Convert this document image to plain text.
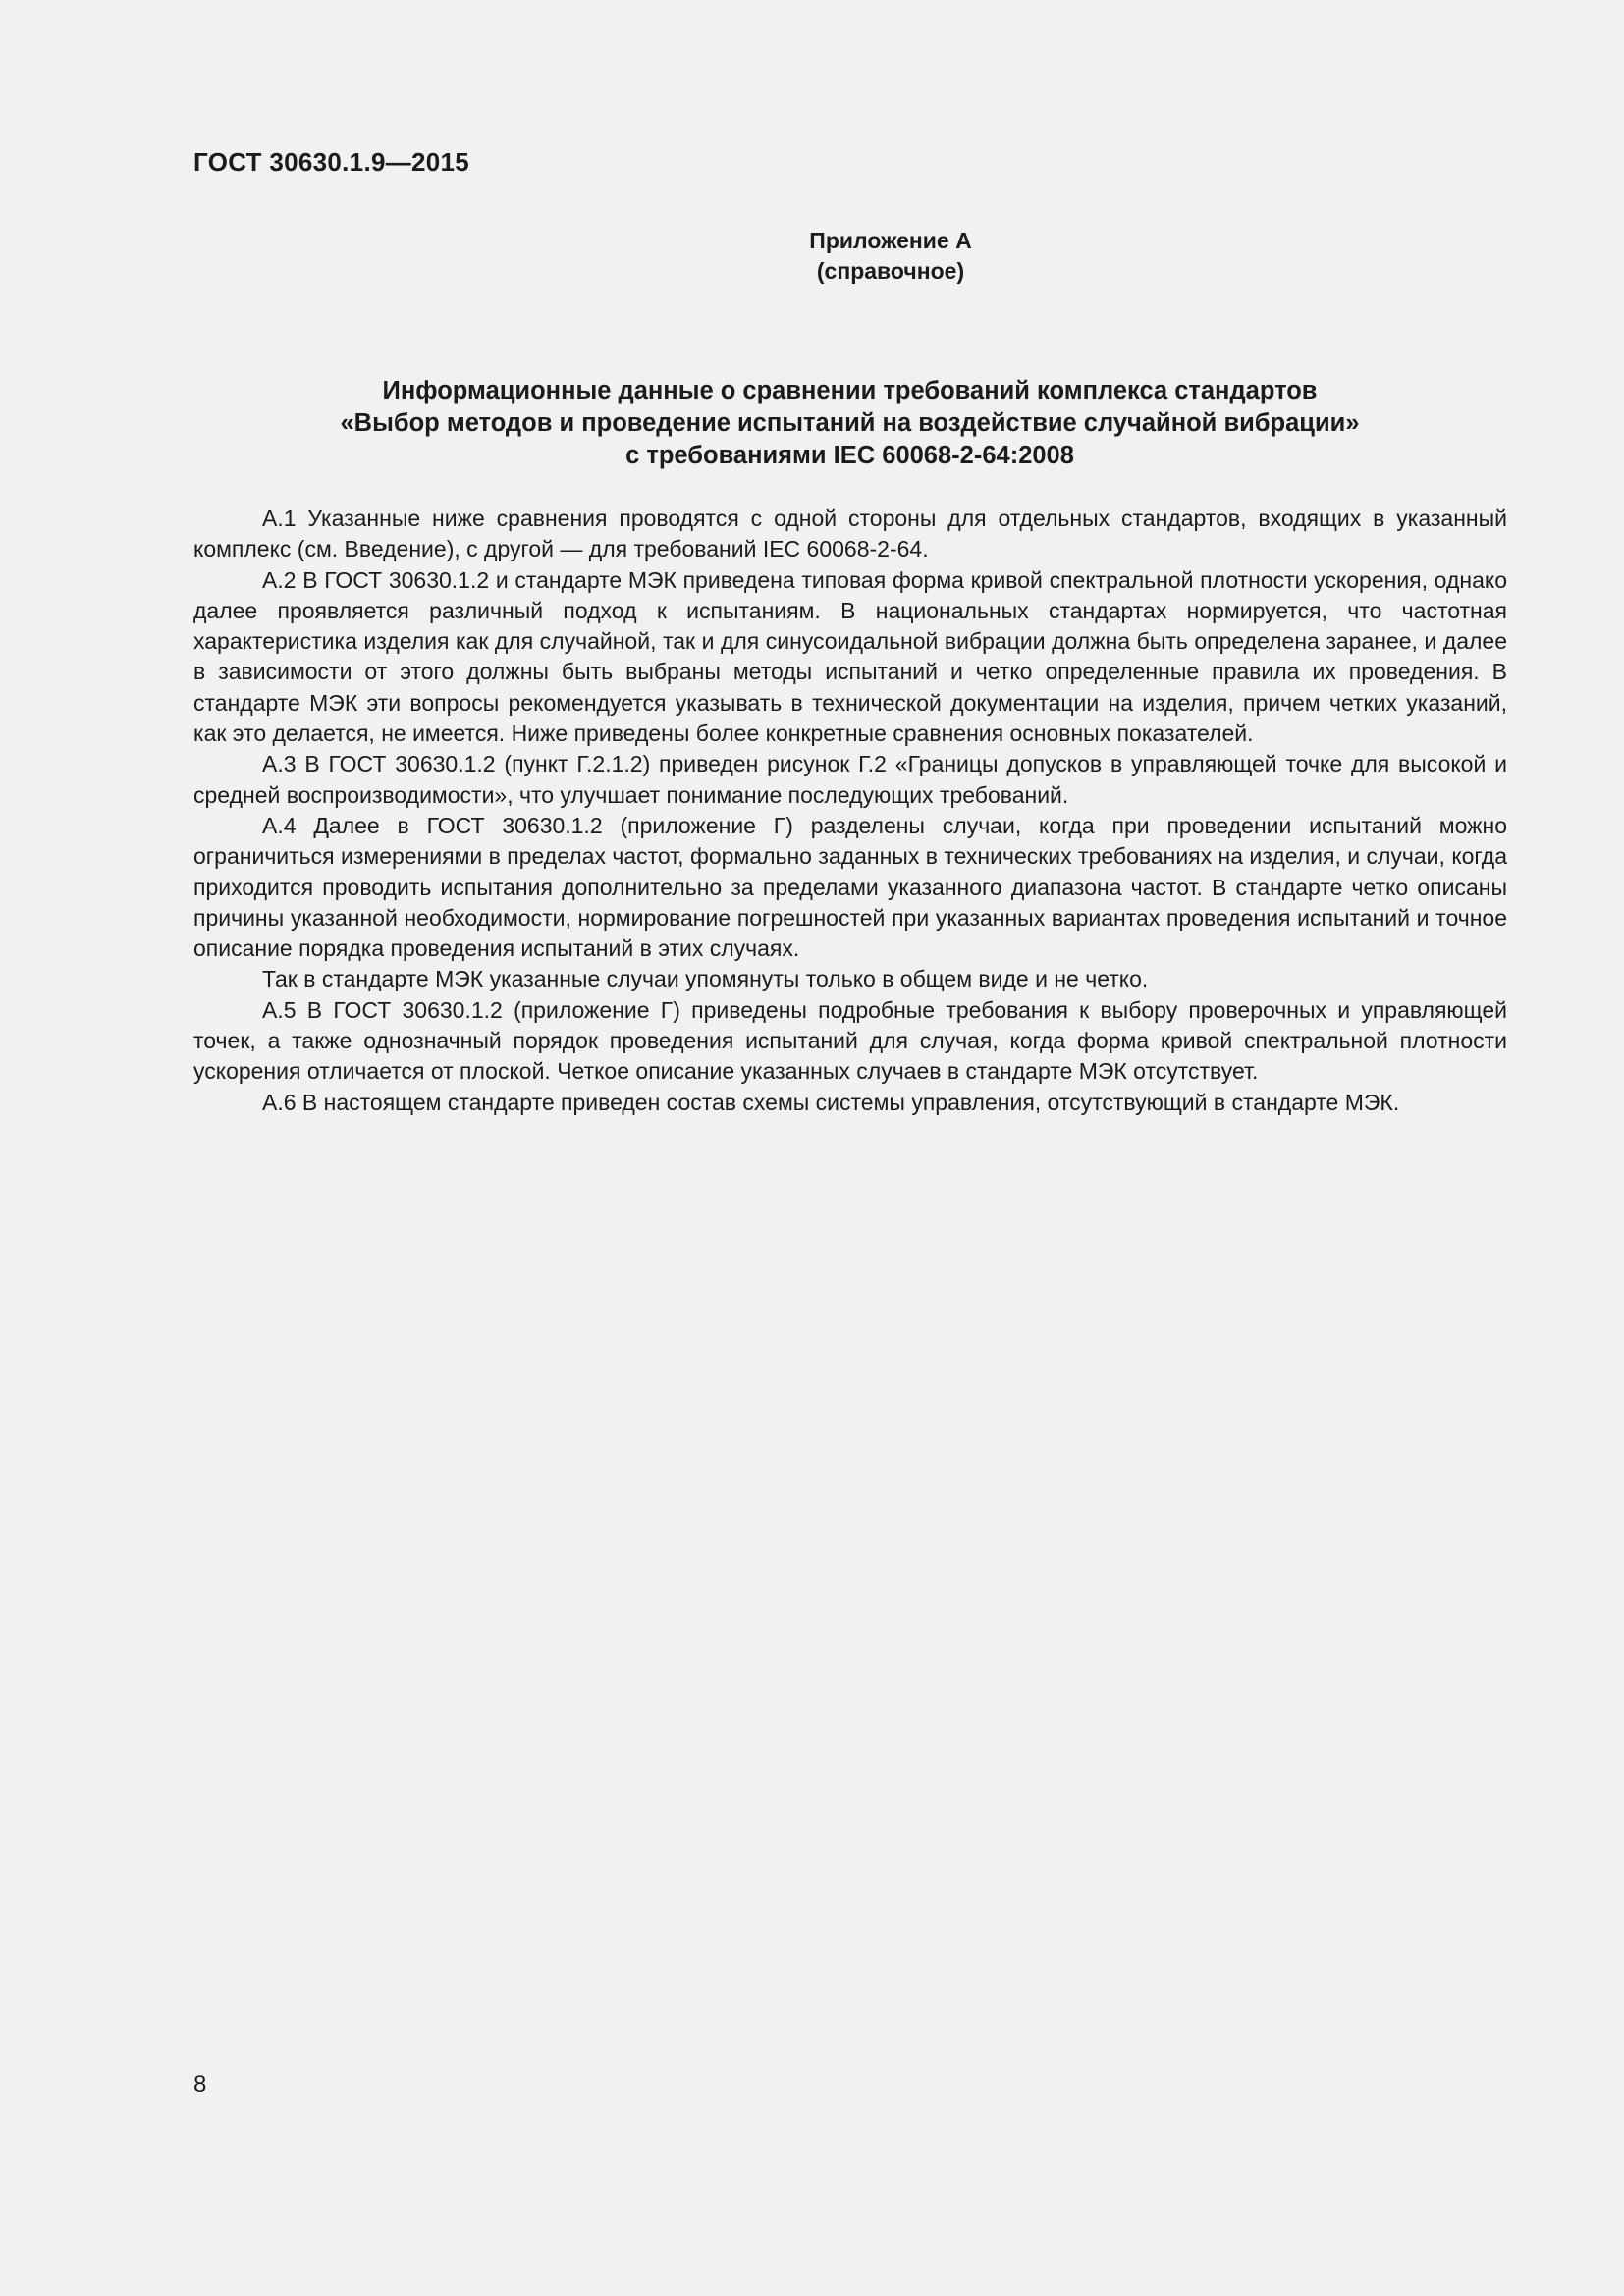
ГОСТ 30630.1.9—2015
Приложение А
(справочное)
Информационные данные о сравнении требований комплекса стандартов
«Выбор методов и проведение испытаний на воздействие случайной вибрации»
с требованиями IEC 60068-2-64:2008

А.1 Указанные ниже сравнения проводятся с одной стороны для отдельных стандартов, входящих в указанный комплекс (см. Введение), с другой — для требований IEC 60068-2-64.

А.2 В ГОСТ 30630.1.2 и стандарте МЭК приведена типовая форма кривой спектральной плотности ускорения, однако далее проявляется различный подход к испытаниям. В национальных стандартах нормируется, что частотная характеристика изделия как для случайной, так и для синусоидальной вибрации должна быть определена заранее, и далее в зависимости от этого должны быть выбраны методы испытаний и четко определенные правила их проведения. В стандарте МЭК эти вопросы рекомендуется указывать в технической документации на изделия, причем четких указаний, как это делается, не имеется. Ниже приведены более конкретные сравнения основных показателей.

А.3 В ГОСТ 30630.1.2 (пункт Г.2.1.2) приведен рисунок Г.2 «Границы допусков в управляющей точке для высокой и средней воспроизводимости», что улучшает понимание последующих требований.

А.4 Далее в ГОСТ 30630.1.2 (приложение Г) разделены случаи, когда при проведении испытаний можно ограничиться измерениями в пределах частот, формально заданных в технических требованиях на изделия, и случаи, когда приходится проводить испытания дополнительно за пределами указанного диапазона частот. В стандарте четко описаны причины указанной необходимости, нормирование погрешностей при указанных вариантах проведения испытаний и точное описание порядка проведения испытаний в этих случаях.

Так в стандарте МЭК указанные случаи упомянуты только в общем виде и не четко.

А.5 В ГОСТ 30630.1.2 (приложение Г) приведены подробные требования к выбору проверочных и управляющей точек, а также однозначный порядок проведения испытаний для случая, когда форма кривой спектральной плотности ускорения отличается от плоской. Четкое описание указанных случаев в стандарте МЭК отсутствует.

А.6 В настоящем стандарте приведен состав схемы системы управления, отсутствующий в стандарте МЭК.

8
